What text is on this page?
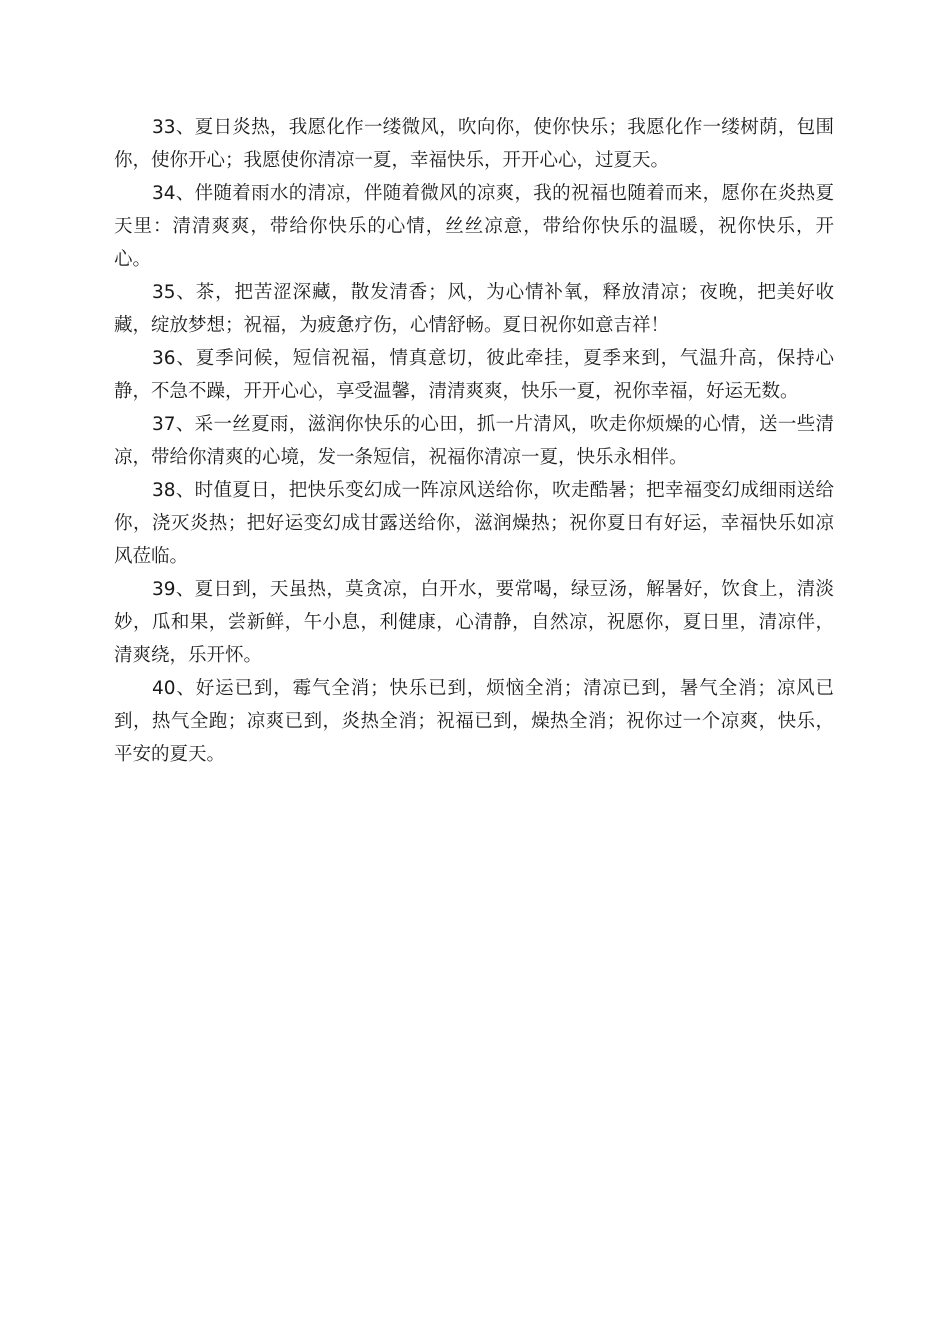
33、夏日炎热，我愿化作一缕微风，吹向你，使你快乐；我愿化作一缕树荫，包围你，使你开心；我愿使你清凉一夏，幸福快乐，开开心心，过夏天。

34、伴随着雨水的清凉，伴随着微风的凉爽，我的祝福也随着而来，愿你在炎热夏天里：清清爽爽，带给你快乐的心情，丝丝凉意，带给你快乐的温暖，祝你快乐，开心。

35、茶，把苦涩深藏，散发清香；风，为心情补氧，释放清凉；夜晚，把美好收藏，绽放梦想；祝福，为疲惫疗伤，心情舒畅。夏日祝你如意吉祥！

36、夏季问候，短信祝福，情真意切，彼此牵挂，夏季来到，气温升高，保持心静，不急不躁，开开心心，享受温馨，清清爽爽，快乐一夏，祝你幸福，好运无数。

37、采一丝夏雨，滋润你快乐的心田，抓一片清风，吹走你烦燥的心情，送一些清凉，带给你清爽的心境，发一条短信，祝福你清凉一夏，快乐永相伴。

38、时值夏日，把快乐变幻成一阵凉风送给你，吹走酷暑；把幸福变幻成细雨送给你，浇灭炎热；把好运变幻成甘露送给你，滋润燥热；祝你夏日有好运，幸福快乐如凉风莅临。

39、夏日到，天虽热，莫贪凉，白开水，要常喝，绿豆汤，解暑好，饮食上，清淡妙，瓜和果，尝新鲜，午小息，利健康，心清静，自然凉，祝愿你，夏日里，清凉伴，清爽绕，乐开怀。

40、好运已到，霉气全消；快乐已到，烦恼全消；清凉已到，暑气全消；凉风已到，热气全跑；凉爽已到，炎热全消；祝福已到，燥热全消；祝你过一个凉爽，快乐，平安的夏天。
